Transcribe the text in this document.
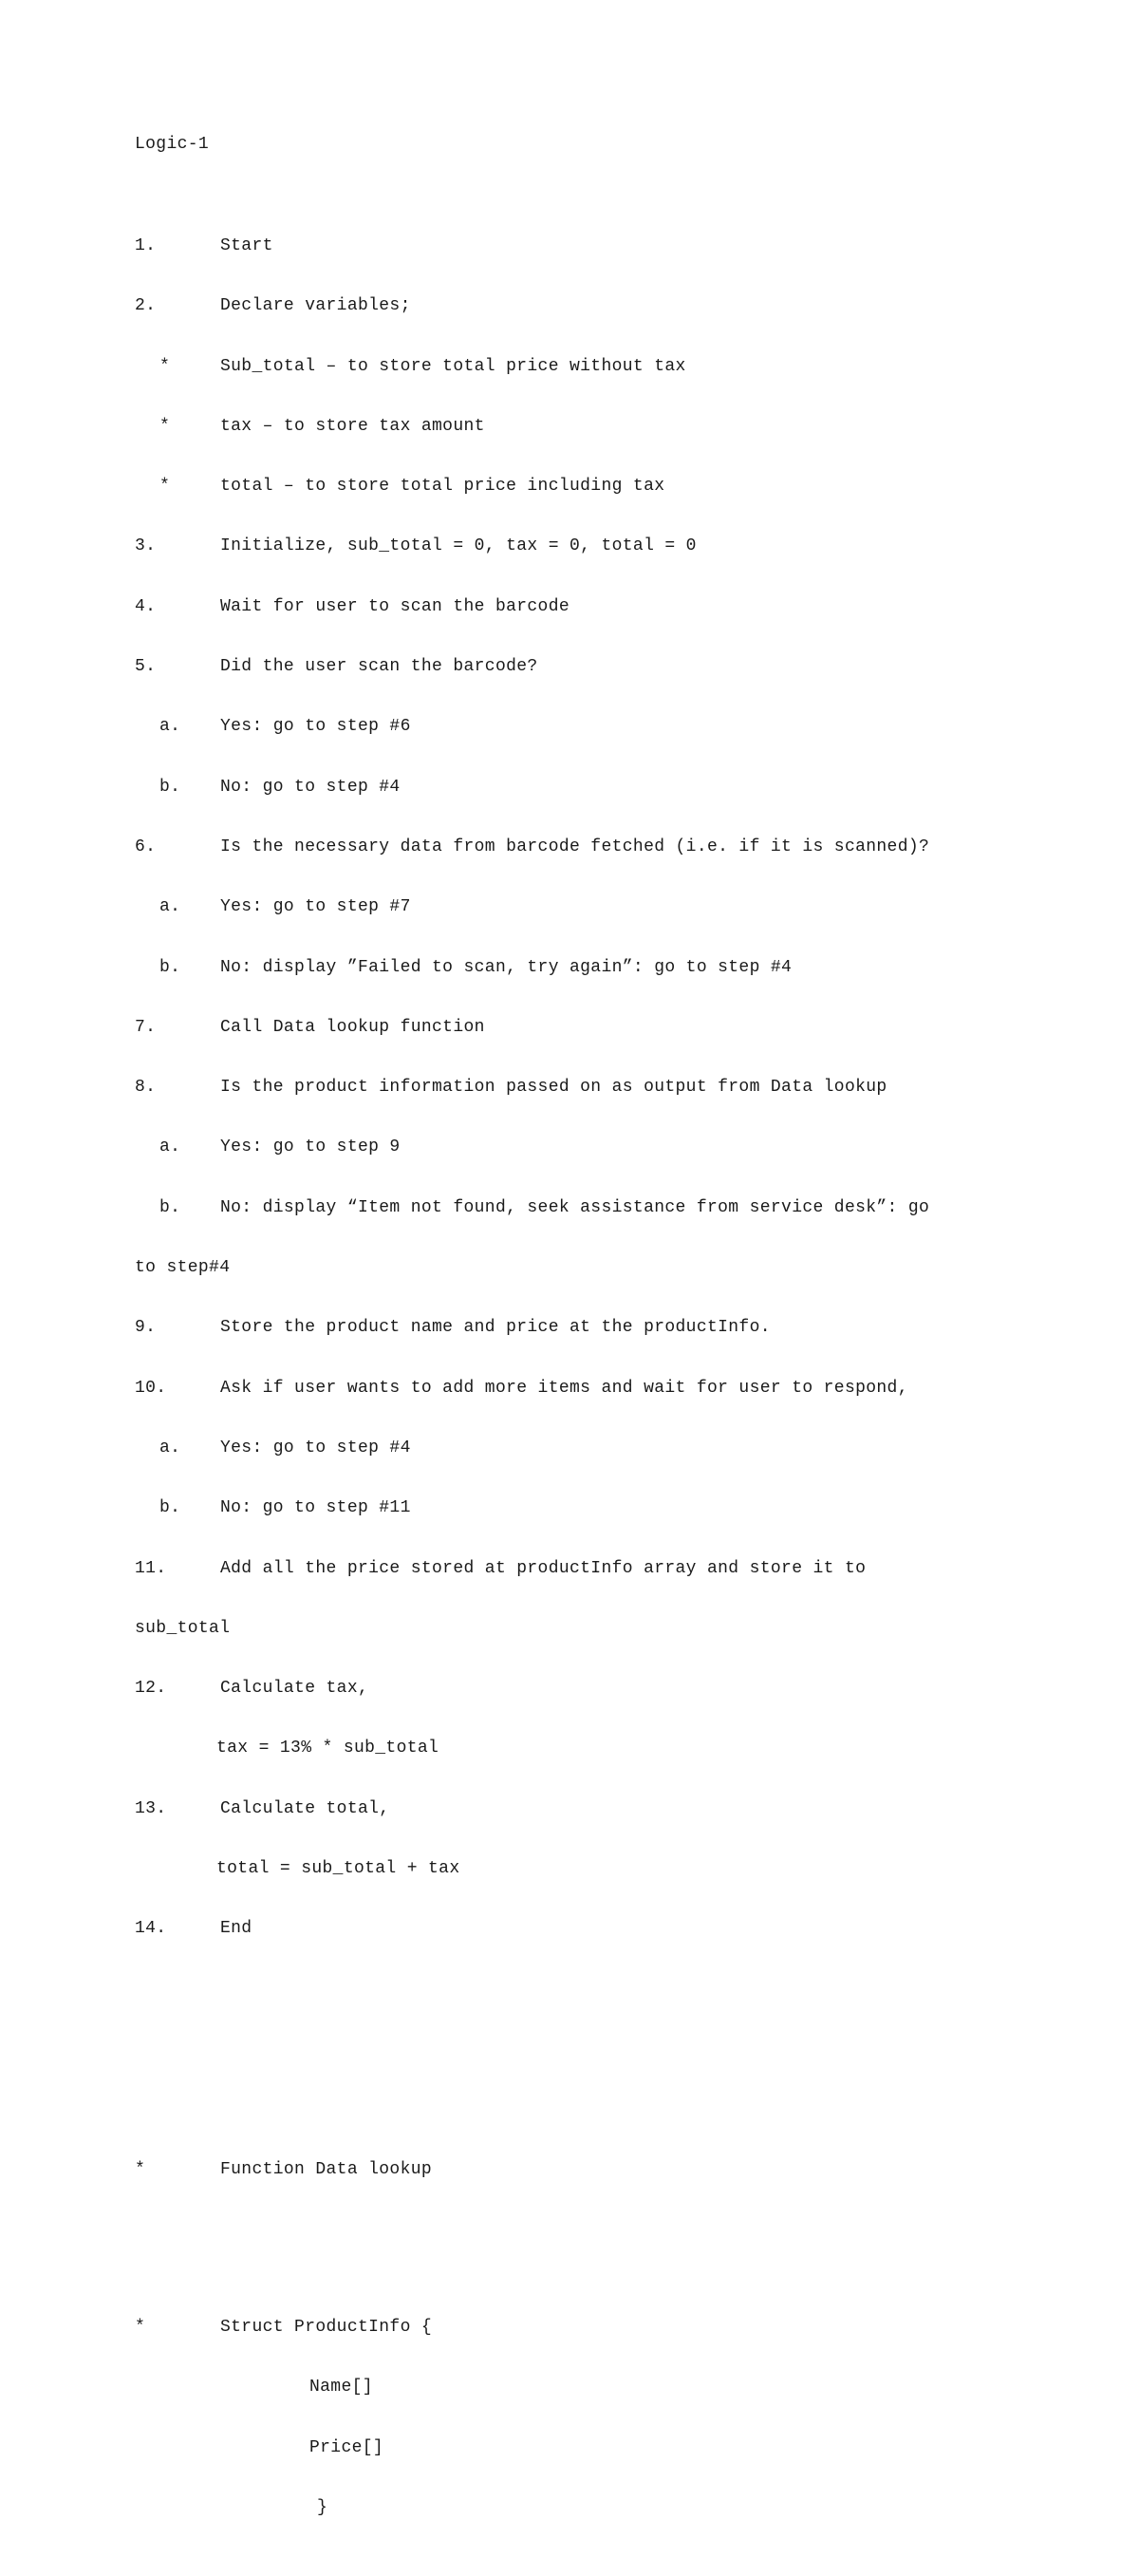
Logic-1

1.

	Start

2.

	Declare variables;

*

	Sub_total – to store total price without tax

*

	tax – to store tax amount

*

	total – to store total price including tax

3.

	Initialize, sub_total = 0, tax = 0, total = 0

4.

	Wait for user to scan the barcode

5.

	Did the user scan the barcode?

a.

Yes: go to step #6

b.

No: go to step #4

6.

	Is the necessary data from barcode fetched (i.e. if it is scanned)?

a.

Yes: go to step #7

b.

No: display ”Failed to scan, try again”: go to step #4

7.

	Call Data lookup function

8.

	Is the product information passed on as output from Data lookup

a.

Yes: go to step 9

b.

No: display “Item not found, seek assistance from service desk”: go

to step#4

9.

	Store the product name and price at the productInfo.

10.

	Ask if user wants to add more items and wait for user to respond,

a.

Yes: go to step #4

b.

No: go to step #11

11.

	Add all the price stored at productInfo array and store it to

sub_total

12.

	Calculate tax,

tax = 13% * sub_total

13.

	Calculate total,

total = sub_total + tax

14.

	End

*

	Function Data lookup

*

	Struct ProductInfo {

Name[]

Price[]

}
